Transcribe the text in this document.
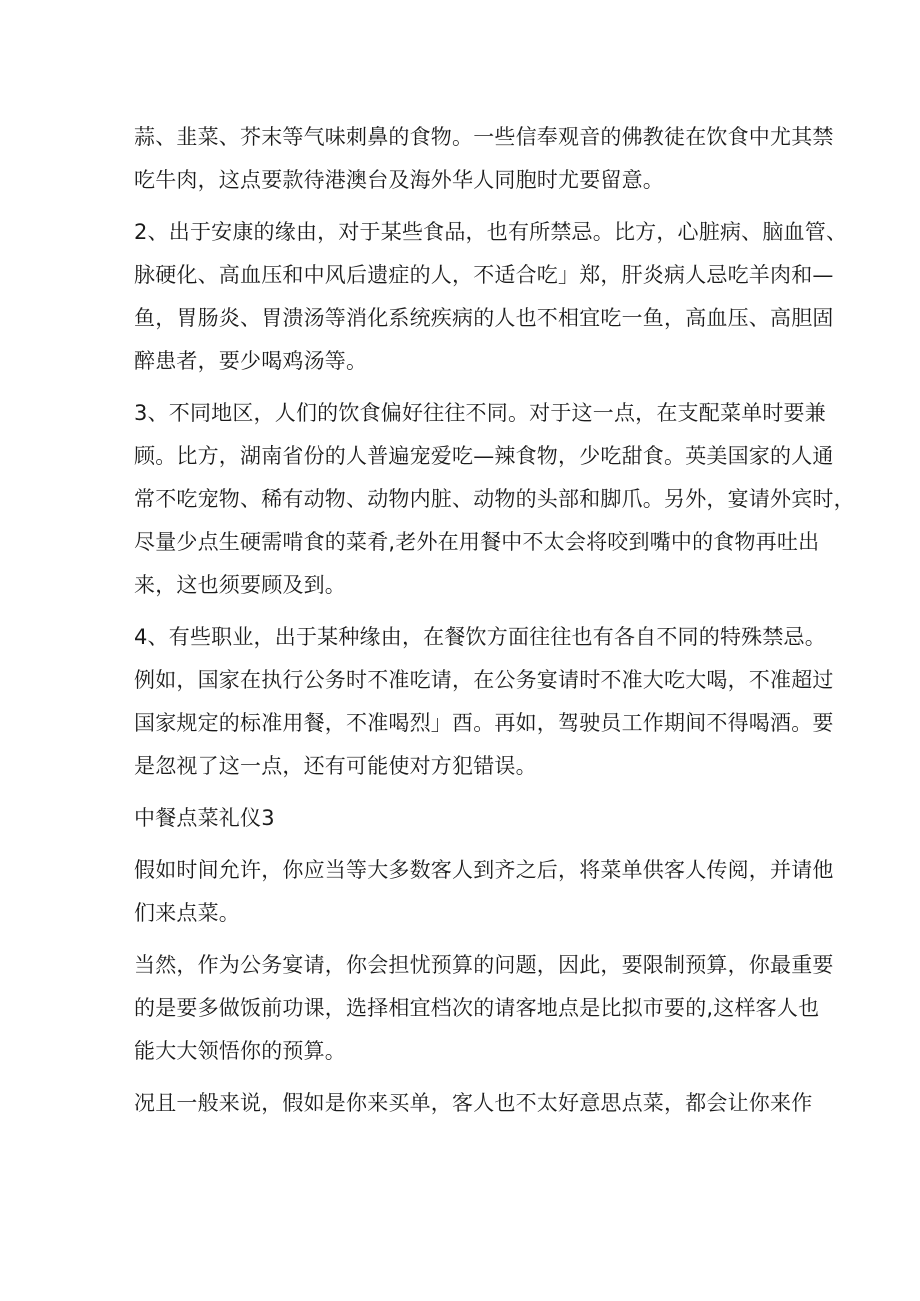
蒜、韭菜、芥末等气味刺鼻的食物。一些信奉观音的佛教徒在饮食中尤其禁
吃牛肉，这点要款待港澳台及海外华人同胞时尤要留意。
2、出于安康的缘由，对于某些食品，也有所禁忌。比方，心脏病、脑血管、
脉硬化、高血压和中风后遗症的人，不适合吃」郑，肝炎病人忌吃羊肉和—
鱼，胃肠炎、胃溃汤等消化系统疾病的人也不相宜吃一鱼，高血压、高胆固
醉患者，要少喝鸡汤等。
3、不同地区，人们的饮食偏好往往不同。对于这一点，在支配菜单时要兼
顾。比方，湖南省份的人普遍宠爱吃—辣食物，少吃甜食。英美国家的人通
常不吃宠物、稀有动物、动物内脏、动物的头部和脚爪。另外，宴请外宾时，
尽量少点生硬需啃食的菜肴,老外在用餐中不太会将咬到嘴中的食物再吐出
来，这也须要顾及到。
4、有些职业，出于某种缘由，在餐饮方面往往也有各自不同的特殊禁忌。
例如，国家在执行公务时不准吃请，在公务宴请时不准大吃大喝，不准超过
国家规定的标准用餐，不准喝烈」酉。再如，驾驶员工作期间不得喝酒。要
是忽视了这一点，还有可能使对方犯错误。
中餐点菜礼仪3
假如时间允许，你应当等大多数客人到齐之后，将菜单供客人传阅，并请他
们来点菜。
当然，作为公务宴请，你会担忧预算的问题，因此，要限制预算，你最重要
的是要多做饭前功课，选择相宜档次的请客地点是比拟市要的,这样客人也
能大大领悟你的预算。
况且一般来说，假如是你来买单，客人也不太好意思点菜，都会让你来作
